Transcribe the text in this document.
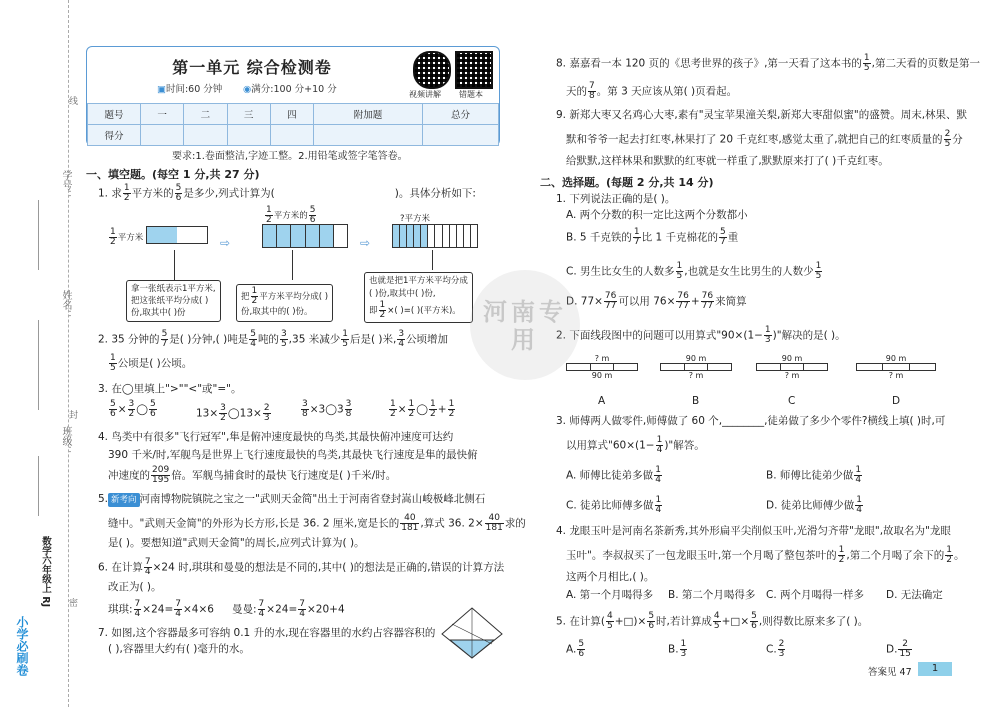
学号：
姓名：
班级：
线
封
密
数学六年级上 RJ
小学必刷卷
第一单元 综合检测卷
▣时间:60 分钟 ◉满分:100 分+10 分	视频讲解 错题本
题号	一	二	三	四	附加题	总分
得分						
要求:1.卷面整洁,字迹工整。2.用铅笔或签字笔答卷。
一、填空题。(每空 1 分,共 27 分)
1. 求 $\frac{1}{2}$ 平方米的 $\frac{5}{6}$ 是多少,列式计算为(	)。具体分析如下:
$\frac{1}{2}$ 平方米	⇨
$\frac{1}{2}$ 平方米的 $\frac{5}{6}$
⇨
?平方米
拿一张纸表示1平方米,
把这张纸平均分成( )
份,取其中( )份
把 $\frac{1}{2}$ 平方米平均分成( )
份,取其中的( )份。
也就是把1平方米平均分成
( )份,取其中( )份,
即 $\frac{1}{2}$ ×( )=( )(平方米)。
2. 35 分钟的 $\frac{5}{7}$ 是( )分钟,( )吨是 $\frac{5}{4}$ 吨的 $\frac{3}{5} ,35$ 米减少 $\frac{1}{5}$ 后是( )米, $\frac{3}{4}$ 公顷增加
$\frac{1}{5}$ 公顷是( )公顷。
3. 在◯里填上">""<"或"="。
$\frac{5}{6} \times \frac{3}{2}$ ◯ $\frac{5}{6}$	$13\times \frac{3}{2}$ ◯13× $\frac{2}{3}$	$\frac{3}{8}$ ×3◯3 $\frac{3}{8}$	$\frac{1}{2} \times \frac{1}{2}$ ◯ $\frac{1}{2} + \frac{1}{2}$
4. 鸟类中有很多"飞行冠军",隼是俯冲速度最快的鸟类,其最快俯冲速度可达约
390 千米/时,军舰鸟是世界上飞行速度最快的鸟类,其最快飞行速度是隼的最快俯
冲速度的 $\frac{209}{195}$ 倍。军舰鸟捕食时的最快飞行速度是( )千米/时。
5. 新考向 河南博物院镇院之宝之一"武则天金简"出土于河南省登封嵩山峻极峰北侧石
缝中。"武则天金简"的外形为长方形,长是 36. 2 厘米,宽是长的 $\frac{40}{181}$ ,算式 36. $2\times \frac{40}{181}$ 求的
是( )。要想知道"武则天金简"的周长,应列式计算为( )。
6. 在计算 $\frac{7}{4} \times 24$ 时,琪琪和曼曼的想法是不同的,其中( )的想法是正确的,错误的计算方法
改正为( )。
琪琪: $\frac{7}{4} \times 24= \frac{7}{4} \times 4\times 6$ 曼曼: $\frac{7}{4} \times 24= \frac{7}{4} \times 20+4$
7. 如图,这个容器最多可容纳 0.1 升的水,现在容器里的水约占容器容积的
( ),容器里大约有( )毫升的水。
8. 嘉嘉看一本 120 页的《思考世界的孩子》,第一天看了这本书的 $\frac{1}{5}$ ,第二天看的页数是第一
天的 $\frac{7}{8}$ 。第 3 天应该从第( )页看起。
9. 新郑大枣又名鸡心大枣,素有"灵宝苹果潼关梨,新郑大枣甜似蜜"的盛赞。周末,林果、默
默和爷爷一起去打红枣,林果打了 20 千克红枣,感觉太重了,就把自己的红枣质量的 $\frac{2}{5}$ 分
给默默,这样林果和默默的红枣就一样重了,默默原来打了( )千克红枣。
二、选择题。(每题 2 分,共 14 分)
1. 下列说法正确的是( )。
A. 两个分数的积一定比这两个分数都小
B. 5 千克铁的 $\frac{1}{7}$ 比 1 千克棉花的 $\frac{5}{7}$ 重
C. 男生比女生的人数多 $\frac{1}{5}$ ,也就是女生比男生的人数少 $\frac{1}{5}$
D. $77\times \frac{76}{77}$ 可以用 $76\times \frac{76}{77} + \frac{76}{77}$ 来简算
2. 下面线段图中的问题可以用算式"$90\times(1- \frac{1}{3}$ )"解决的是( )。
? m
90 m
90 m
? m
90 m
? m
90 m
? m
A	B	C	D
3. 师傅两人做零件,师傅做了 60 个,________,徒弟做了多少个零件?横线上填( )时,可
以用算式"$60\times(1- \frac{1}{4}$ )"解答。
A. 师傅比徒弟多做 $\frac{1}{4}$	B. 师傅比徒弟少做 $\frac{1}{4}$
C. 徒弟比师傅多做 $\frac{1}{4}$	D. 徒弟比师傅少做 $\frac{1}{4}$
4. 龙眼玉叶是河南名茶新秀,其外形扁平尖削似玉叶,光滑匀齐带"龙眼",故取名为"龙眼
玉叶"。李叔叔买了一包龙眼玉叶,第一个月喝了整包茶叶的 $\frac{1}{2}$ ,第二个月喝了余下的 $\frac{1}{2}$ 。
这两个月相比,( )。
A. 第一个月喝得多 B. 第二个月喝得多 C. 两个月喝得一样多 D. 无法确定
5. 在计算( $\frac{4}{5}$ +□)× $\frac{5}{6}$ 时,若计算成 $\frac{4}{5}$ +□× $\frac{5}{6}$ ,则得数比原来多了( )。
A. $\frac{5}{6}$	B. $\frac{1}{3}$	C. $\frac{2}{3}$	D. $\frac{2}{15}$
河南专用
答案见 47	1
